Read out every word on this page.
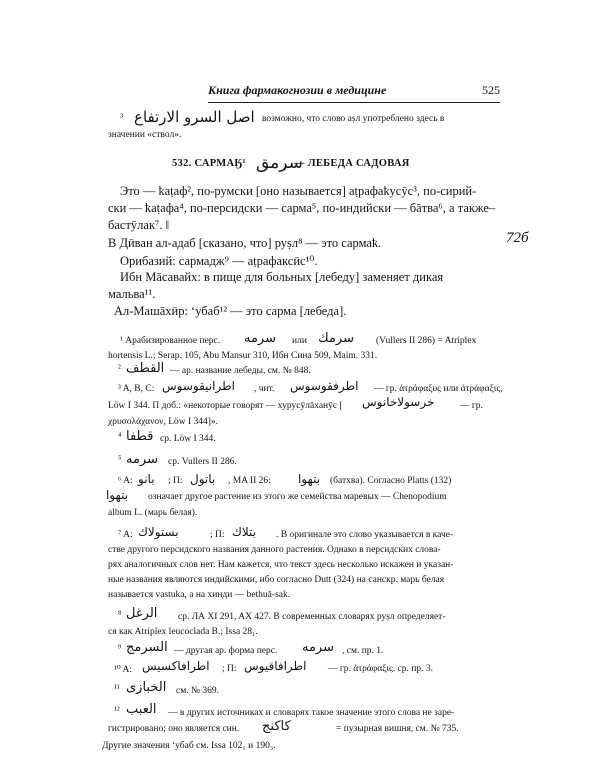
Книга фармакогнозии в медицине	525
³ اصل السرو الارتفاع возможно, что слово аṣл употреблено здесь в
значении «ствол».
532. САРМАӃ¹ سرمق
— ЛЕБЕДА САДОВАЯ
Это — ҟаṭаф², по-румски [оно называется] аṭрафаҟусӯс³, по-сирий-
ски — ҟаṭафа⁴, по-персидски — сарма⁵, по-индийски — бāтва⁶, а также–
бастӯлак⁷. ‖
В Дӣван ал-адаб [сказано, что] руṣл⁸ — это сармаҟ.
Орибазий: сармадж⁹ — аṭрафаксӣс¹⁰.
Ибн Мāсавайх: в пище для больных [лебеду] заменяет дикая
мальва¹¹.
Ал-Машāхӣр: ‘убаб¹² — это сарма [лебеда].
72б
¹ Арабизированное перс. سرمه или سرمك (Vullers II 286) = Atriplex
hortensis L.; Serap. 105, Abu Mansur 310, Ибн Сина 509, Maim. 331.
² القطف — ар. название лебеды, см. № 848.
³ A, B, C: اطرانيقوسوس , чит. اطرفقوسوس — гр. ἀτράφαξυς или ἀτράφαξις,
Löw I 344. П доб.: «некоторые говорят — хурусӯлāханӯс [ خرسولاخانوس	— гр.
χρυσολάχανον, Löw I 344]».
⁴ قطفا ср. Löw I 344.
⁵ سرمه ср. Vullers II 286.
⁶ A: بانو ; П: باتول , MA II 26: بتهوا (батхва). Согласно Platts (132)
بتهوا означает другое растение из этого же семейства маревых — Chenopodium
album L. (марь белая).
⁷ A: بستولاك	; П: بتلاك . В оригинале это слово указывается в каче-
стве другого персидского названия данного растения. Однако в персидских слова-
рях аналогичных слов нет. Нам кажется, что текст здесь несколько искажен и указан-
ные названия являются индийскими, ибо согласно Dutt (324) на санскр. марь белая
называется vastuka, а на хинди — bethuā-sak.
⁸ الرغل ср. ЛА XI 291, AX 427. В современных словарях руṣл определяет-
ся как Atriplex leucoclada B.; Issa 28₁.
⁹ السرمج — другая ар. форма перс. سرمه , см. пр. 1.
¹⁰ A: اطرافاكسيس ; П: اطرافاقيوس — гр. ἀτράφαξις. ср. пр. 3.
¹¹ الخبازى см. № 369.
¹² العبب — в других источниках и словарях такое значение этого слова не заре-
гистрировано; оно является син. كاكنج	= пузырная вишня, см. № 735.
Другие значения ‘убаб см. Issa 102₁ и 190₃.
